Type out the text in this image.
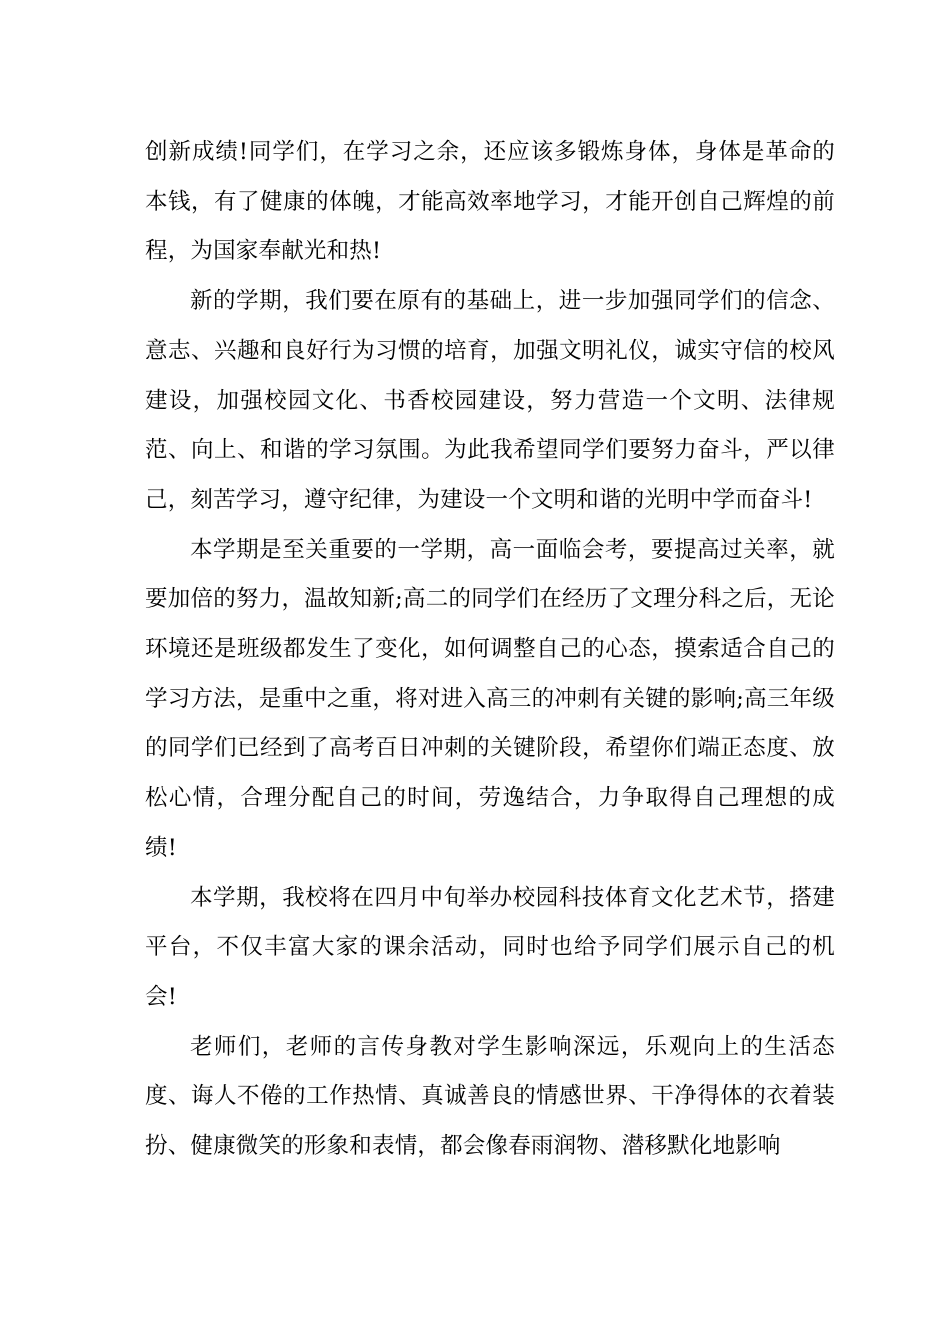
创新成绩!同学们，在学习之余，还应该多锻炼身体，身体是革命的本钱，有了健康的体魄，才能高效率地学习，才能开创自己辉煌的前程，为国家奉献光和热!

新的学期，我们要在原有的基础上，进一步加强同学们的信念、意志、兴趣和良好行为习惯的培育，加强文明礼仪，诚实守信的校风建设，加强校园文化、书香校园建设，努力营造一个文明、法律规范、向上、和谐的学习氛围。为此我希望同学们要努力奋斗，严以律己，刻苦学习，遵守纪律，为建设一个文明和谐的光明中学而奋斗!

本学期是至关重要的一学期，高一面临会考，要提高过关率，就要加倍的努力，温故知新;高二的同学们在经历了文理分科之后，无论环境还是班级都发生了变化，如何调整自己的心态，摸索适合自己的学习方法，是重中之重，将对进入高三的冲刺有关键的影响;高三年级的同学们已经到了高考百日冲刺的关键阶段，希望你们端正态度、放松心情，合理分配自己的时间，劳逸结合，力争取得自己理想的成绩!

本学期，我校将在四月中旬举办校园科技体育文化艺术节，搭建平台，不仅丰富大家的课余活动，同时也给予同学们展示自己的机会!

老师们，老师的言传身教对学生影响深远，乐观向上的生活态度、诲人不倦的工作热情、真诚善良的情感世界、干净得体的衣着装扮、健康微笑的形象和表情，都会像春雨润物、潜移默化地影响
